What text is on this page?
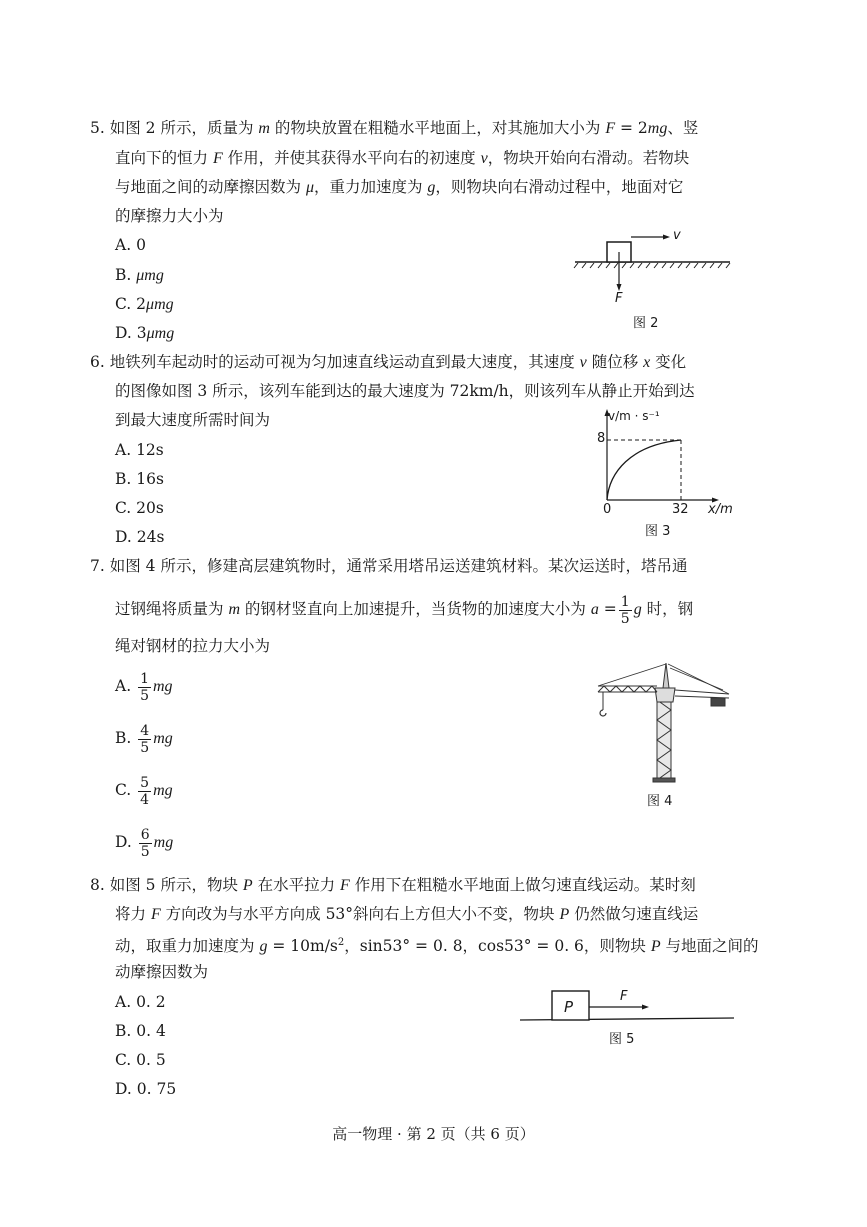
5. 如图 2 所示，质量为 m 的物块放置在粗糙水平地面上，对其施加大小为 F = 2mg、竖
直向下的恒力 F 作用，并使其获得水平向右的初速度 v，物块开始向右滑动。若物块
与地面之间的动摩擦因数为 μ，重力加速度为 g，则物块向右滑动过程中，地面对它
的摩擦力大小为
A. 0
B. μmg
C. 2μmg
D. 3μmg
v
F
图 2
6. 地铁列车起动时的运动可视为匀加速直线运动直到最大速度，其速度 v 随位移 x 变化
的图像如图 3 所示，该列车能到达的最大速度为 72km/h，则该列车从静止开始到达
到最大速度所需时间为
A. 12s
B. 16s
C. 20s
D. 24s
v/m · s⁻¹
8
0	32 x/m
图 3
7. 如图 4 所示，修建高层建筑物时，通常采用塔吊运送建筑材料。某次运送时，塔吊通
过钢绳将质量为 m 的钢材竖直向上加速提升，当货物的加速度大小为 $a = \frac{1}{5}$ g 时，钢
绳对钢材的拉力大小为
A. $\frac{1}{5}$ mg
B. $\frac{4}{5}$ mg
C. $\frac{5}{4}$ mg
D. $\frac{6}{5}$ mg
图 4
8. 如图 5 所示，物块 P 在水平拉力 F 作用下在粗糙水平地面上做匀速直线运动。某时刻
将力 F 方向改为与水平方向成 53°斜向右上方但大小不变，物块 P 仍然做匀速直线运
动，取重力加速度为 $g = 10m/s^2$，sin53° = 0. 8，cos53° = 0. 6，则物块 P 与地面之间的
动摩擦因数为
A. 0. 2
B. 0. 4
C. 0. 5
D. 0. 75
P
F
图 5
高一物理 · 第 2 页（共 6 页）
